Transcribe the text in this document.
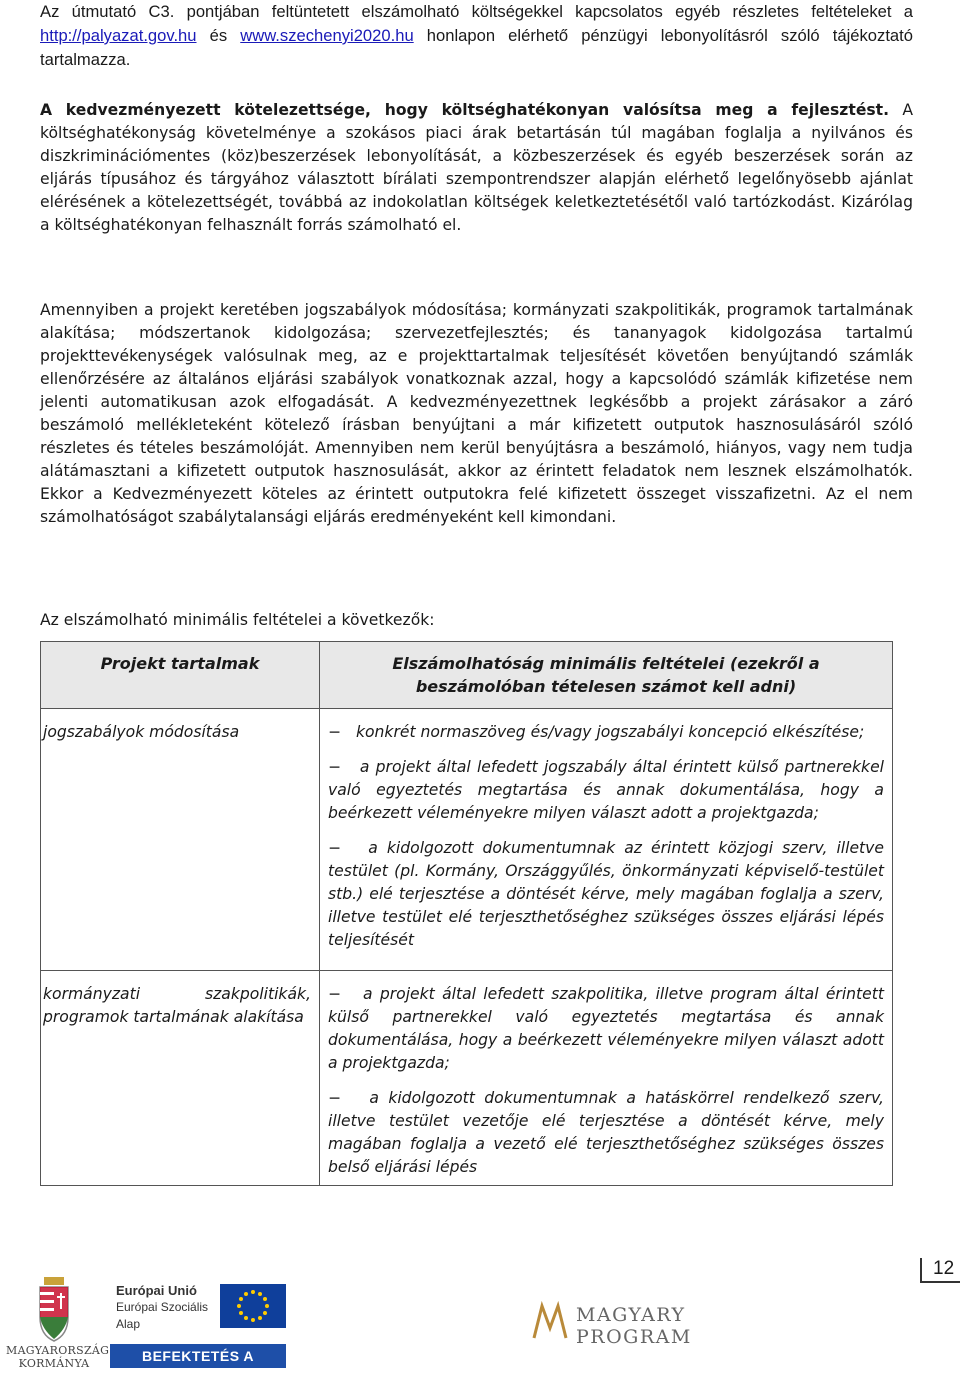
Az útmutató C3. pontjában feltüntetett elszámolható költségekkel kapcsolatos egyéb részletes feltételeket a http://palyazat.gov.hu és www.szechenyi2020.hu honlapon elérhető pénzügyi lebonyolításról szóló tájékoztató tartalmazza.

A kedvezményezett kötelezettsége, hogy költséghatékonyan valósítsa meg a fejlesztést. A költséghatékonyság követelménye a szokásos piaci árak betartásán túl magában foglalja a nyilvános és diszkriminációmentes (köz)beszerzések lebonyolítását, a közbeszerzések és egyéb beszerzések során az eljárás típusához és tárgyához választott bírálati szempontrendszer alapján elérhető legelőnyösebb ajánlat elérésének a kötelezettségét, továbbá az indokolatlan költségek keletkeztetésétől való tartózkodást. Kizárólag a költséghatékonyan felhasznált forrás számolható el.

Amennyiben a projekt keretében jogszabályok módosítása; kormányzati szakpolitikák, programok tartalmának alakítása; módszertanok kidolgozása; szervezetfejlesztés; és tananyagok kidolgozása tartalmú projekttevékenységek valósulnak meg, az e projekttartalmak teljesítését követően benyújtandó számlák ellenőrzésére az általános eljárási szabályok vonatkoznak azzal, hogy a kapcsolódó számlák kifizetése nem jelenti automatikusan azok elfogadását. A kedvezményezettnek legkésőbb a projekt zárásakor a záró beszámoló mellékleteként kötelező írásban benyújtani a már kifizetett outputok hasznosulásáról szóló részletes és tételes beszámolóját. Amennyiben nem kerül benyújtásra a beszámoló, hiányos, vagy nem tudja alátámasztani a kifizetett outputok hasznosulását, akkor az érintett feladatok nem lesznek elszámolhatók. Ekkor a Kedvezményezett köteles az érintett outputokra felé kifizetett összeget visszafizetni. Az el nem számolhatóságot szabálytalansági eljárás eredményeként kell kimondani.

Az elszámolható minimális feltételei a következők:

Projekt tartalmak	Elszámolhatóság minimális feltételei (ezekről a beszámolóban tételesen számot kell adni)
jogszabályok módosítása	− konkrét normaszöveg és/vagy jogszabályi koncepció elkészítése;
− a projekt által lefedett jogszabály által érintett külső partnerekkel való egyeztetés megtartása és annak dokumentálása, hogy a beérkezett véleményekre milyen választ adott a projektgazda;
− a kidolgozott dokumentumnak az érintett közjogi szerv, illetve testület (pl. Kormány, Országgyűlés, önkormányzati képviselő-testület stb.) elé terjesztése a döntését kérve, mely magában foglalja a szerv, illetve testület elé terjeszthetőséghez szükséges összes eljárási lépés teljesítését

kormányzati szakpolitikák, programok tartalmának alakítása	− a projekt által lefedett szakpolitika, illetve program által érintett külső partnerekkel való egyeztetés megtartása és annak dokumentálása, hogy a beérkezett véleményekre milyen választ adott a projektgazda;
− a kidolgozott dokumentumnak a hatáskörrel rendelkező szerv, illetve testület vezetője elé terjesztése a döntését kérve, mely magában foglalja a vezető elé terjeszthetőséghez szükséges összes belső eljárási lépés
12
MAGYARORSZÁG
KORMÁNYA
Európai Unió
Európai Szociális
Alap
BEFEKTETÉS A JÖVŐBE
MAGYARY
PROGRAM
